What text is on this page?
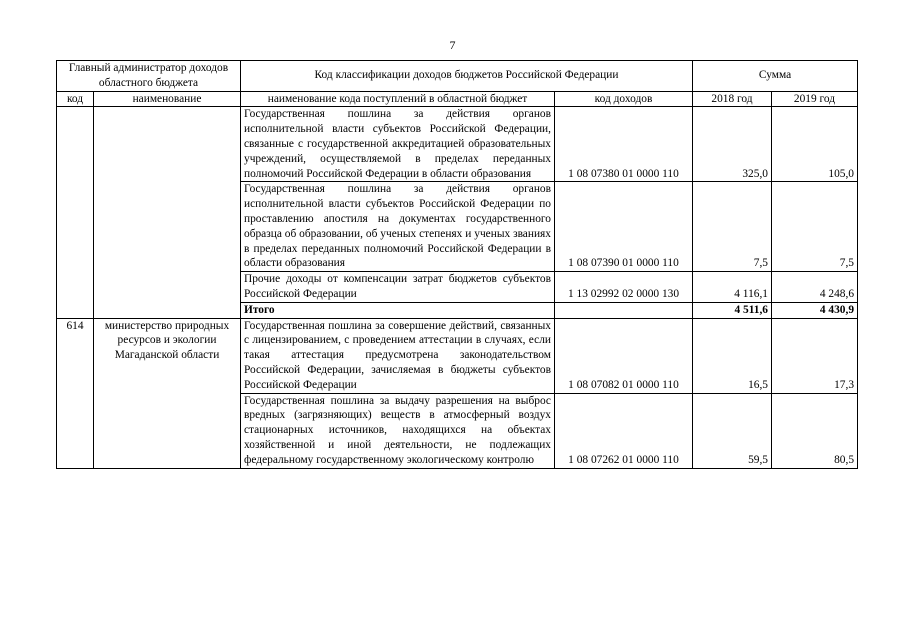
7
Главный администратор доходов областного бюджета		Код классификации доходов бюджетов Российской Федерации		Сумма	
код	наименование	наименование кода поступлений в областной бюджет	код доходов	2018 год	2019 год
		Государственная пошлина за действия органов исполнительной власти субъектов Российской Федерации, связанные с государственной аккредитацией образовательных учреждений, осуществляемой в пределах переданных полномочий Российской Федерации в области образования	1 08 07380 01 0000 110	325,0	105,0
		Государственная пошлина за действия органов исполнительной власти субъектов Российской Федерации по проставлению апостиля на документах государственного образца об образовании, об ученых степенях и ученых званиях в пределах переданных полномочий Российской Федерации в области образования	1 08 07390 01 0000 110	7,5	7,5
		Прочие доходы от компенсации затрат бюджетов субъектов Российской Федерации	1 13 02992 02 0000 130	4 116,1	4 248,6
		Итого		4 511,6	4 430,9
614	министерство природных ресурсов и экологии Магаданской области	Государственная пошлина за совершение действий, связанных с лицензированием, с проведением аттестации в случаях, если такая аттестация предусмотрена законодательством Российской Федерации, зачисляемая в бюджеты субъектов Российской Федерации	1 08 07082 01 0000 110	16,5	17,3
		Государственная пошлина за выдачу разрешения на выброс вредных (загрязняющих) веществ в атмосферный воздух стационарных источников, находящихся на объектах хозяйственной и иной деятельности, не подлежащих федеральному государственному экологическому контролю	1 08 07262 01 0000 110	59,5	80,5
